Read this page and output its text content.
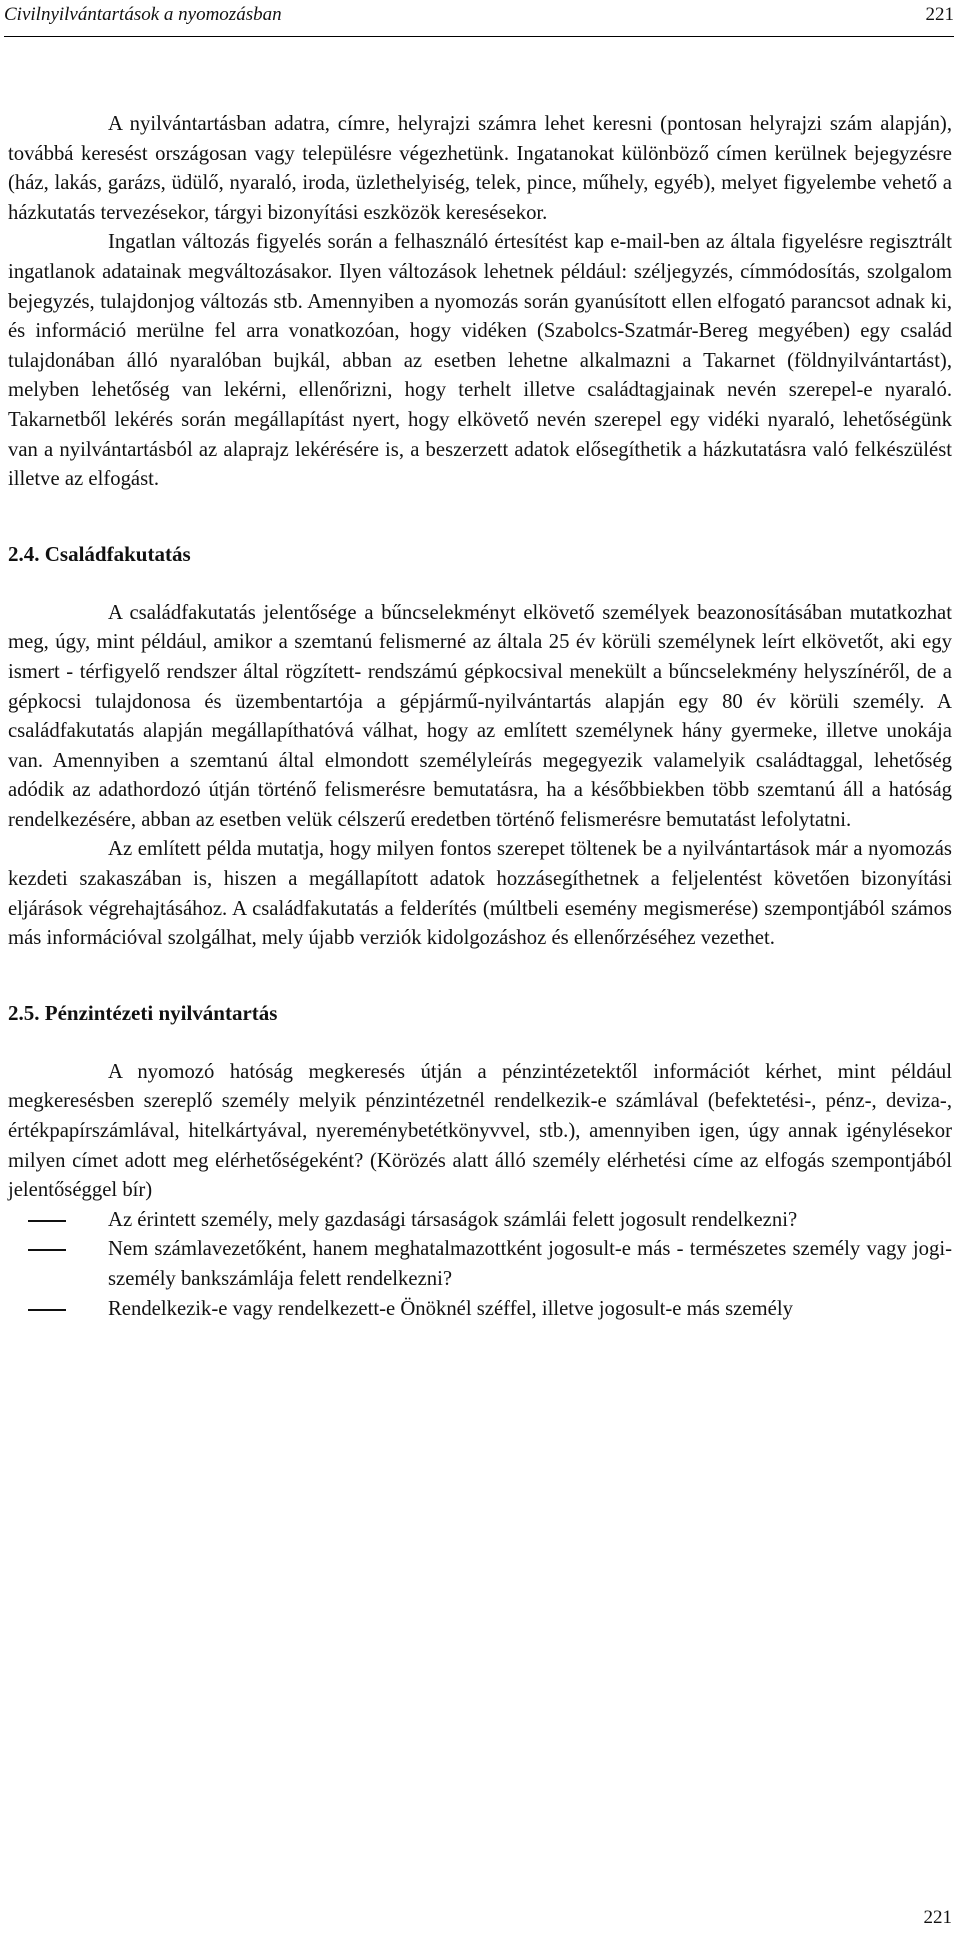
Civilnyilvántartások a nyomozásban	221

A nyilvántartásban adatra, címre, helyrajzi számra lehet keresni (pontosan helyrajzi szám alapján), továbbá keresést országosan vagy településre végezhetünk. Ingatanokat különböző címen kerülnek bejegyzésre (ház, lakás, garázs, üdülő, nyaraló, iroda, üzlethelyiség, telek, pince, műhely, egyéb), melyet figyelembe vehető a házkutatás tervezésekor, tárgyi bizonyítási eszközök keresésekor.

Ingatlan változás figyelés során a felhasználó értesítést kap e-mail-ben az általa figyelésre regisztrált ingatlanok adatainak megváltozásakor. Ilyen változások lehetnek például: széljegyzés, címmódosítás, szolgalom bejegyzés, tulajdonjog változás stb. Amennyiben a nyomozás során gyanúsított ellen elfogató parancsot adnak ki, és információ merülne fel arra vonatkozóan, hogy vidéken (Szabolcs-Szatmár-Bereg megyében) egy család tulajdonában álló nyaralóban bujkál, abban az esetben lehetne alkalmazni a Takarnet (földnyilvántartást), melyben lehetőség van lekérni, ellenőrizni, hogy terhelt illetve családtagjainak nevén szerepel-e nyaraló. Takarnetből lekérés során megállapítást nyert, hogy elkövető nevén szerepel egy vidéki nyaraló, lehetőségünk van a nyilvántartásból az alaprajz lekérésére is, a beszerzett adatok elősegíthetik a házkutatásra való felkészülést illetve az elfogást.

2.4. Családfakutatás

A családfakutatás jelentősége a bűncselekményt elkövető személyek beazonosításában mutatkozhat meg, úgy, mint például, amikor a szemtanú felismerné az általa 25 év körüli személynek leírt elkövetőt, aki egy ismert - térfigyelő rendszer által rögzített- rendszámú gépkocsival menekült a bűncselekmény helyszínéről, de a gépkocsi tulajdonosa és üzembentartója a gépjármű-nyilvántartás alapján egy 80 év körüli személy. A családfakutatás alapján megállapíthatóvá válhat, hogy az említett személynek hány gyermeke, illetve unokája van. Amennyiben a szemtanú által elmondott személyleírás megegyezik valamelyik családtaggal, lehetőség adódik az adathordozó útján történő felismerésre bemutatásra, ha a későbbiekben több szemtanú áll a hatóság rendelkezésére, abban az esetben velük célszerű eredetben történő felismerésre bemutatást lefolytatni.

Az említett példa mutatja, hogy milyen fontos szerepet töltenek be a nyilvántartások már a nyomozás kezdeti szakaszában is, hiszen a megállapított adatok hozzásegíthetnek a feljelentést követően bizonyítási eljárások végrehajtásához. A családfakutatás a felderítés (múltbeli esemény megismerése) szempontjából számos más információval szolgálhat, mely újabb verziók kidolgozáshoz és ellenőrzéséhez vezethet.

2.5. Pénzintézeti nyilvántartás

A nyomozó hatóság megkeresés útján a pénzintézetektől információt kérhet, mint például megkeresésben szereplő személy melyik pénzintézetnél rendelkezik-e számlával (befektetési-, pénz-, deviza-, értékpapírszámlával, hitelkártyával, nyereménybetétkönyvvel, stb.), amennyiben igen, úgy annak igénylésekor milyen címet adott meg elérhetőségeként? (Körözés alatt álló személy elérhetési címe az elfogás szempontjából jelentőséggel bír)

Az érintett személy, mely gazdasági társaságok számlái felett jogosult rendelkezni?
Nem számlavezetőként, hanem meghatalmazottként jogosult-e más - természetes személy vagy jogi- személy bankszámlája felett rendelkezni?
Rendelkezik-e vagy rendelkezett-e Önöknél széffel, illetve jogosult-e más személy
221
